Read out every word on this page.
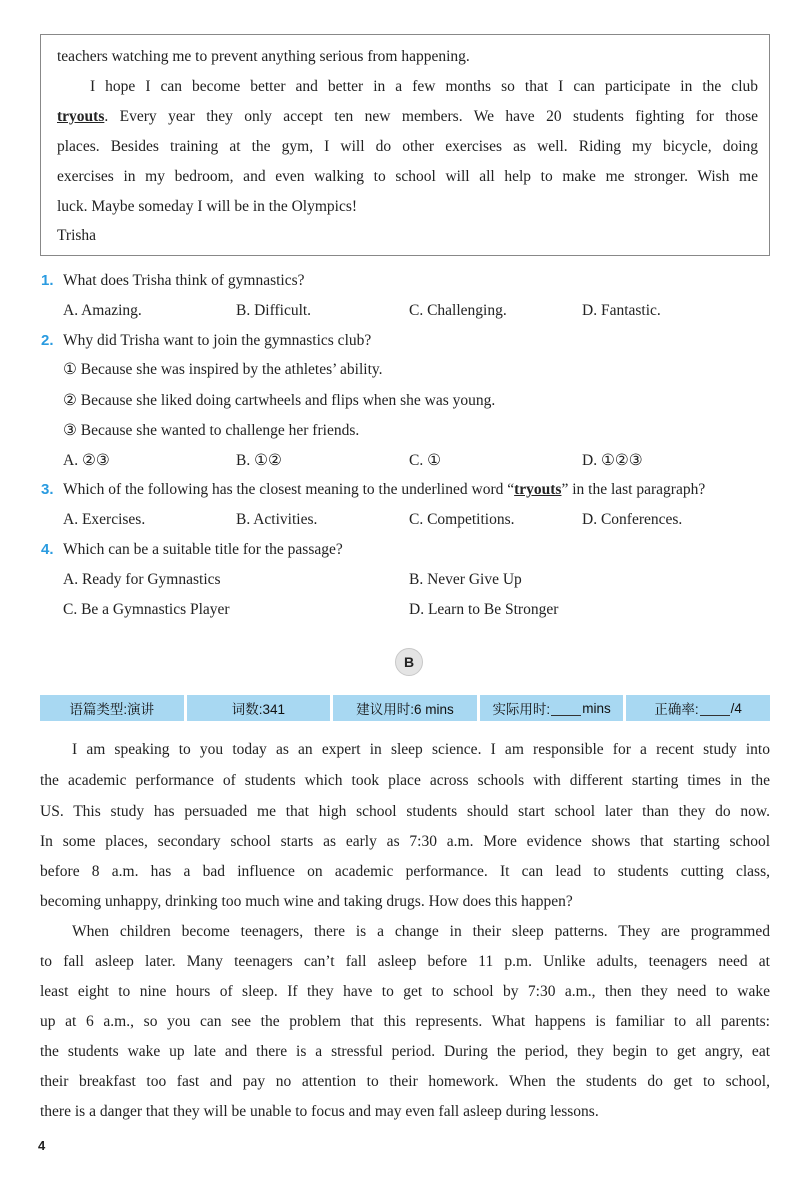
teachers watching me to prevent anything serious from happening.
I hope I can become better and better in a few months so that I can participate in the club
tryouts. Every year they only accept ten new members. We have 20 students fighting for those
places. Besides training at the gym, I will do other exercises as well. Riding my bicycle, doing
exercises in my bedroom, and even walking to school will all help to make me stronger. Wish me
luck. Maybe someday I will be in the Olympics!
Trisha
1. What does Trisha think of gymnastics?
A. Amazing.	B. Difficult.	C. Challenging.	D. Fantastic.
2. Why did Trisha want to join the gymnastics club?
① Because she was inspired by the athletes’ ability.
② Because she liked doing cartwheels and flips when she was young.
③ Because she wanted to challenge her friends.
A. ②③	B. ①②	C. ①	D. ①②③
3. Which of the following has the closest meaning to the underlined word “tryouts” in the last paragraph?
A. Exercises.	B. Activities.	C. Competitions.	D. Conferences.
4. Which can be a suitable title for the passage?
A. Ready for Gymnastics	B. Never Give Up
C. Be a Gymnastics Player	D. Learn to Be Stronger
B
语篇类型:演讲	词数:341	建议用时:6 mins	实际用时: mins	正确率: /4
I am speaking to you today as an expert in sleep science. I am responsible for a recent study into
the academic performance of students which took place across schools with different starting times in the
US. This study has persuaded me that high school students should start school later than they do now.
In some places, secondary school starts as early as 7:30 a.m. More evidence shows that starting school
before 8 a.m. has a bad influence on academic performance. It can lead to students cutting class,
becoming unhappy, drinking too much wine and taking drugs. How does this happen?
When children become teenagers, there is a change in their sleep patterns. They are programmed
to fall asleep later. Many teenagers can’t fall asleep before 11 p.m. Unlike adults, teenagers need at
least eight to nine hours of sleep. If they have to get to school by 7:30 a.m., then they need to wake
up at 6 a.m., so you can see the problem that this represents. What happens is familiar to all parents:
the students wake up late and there is a stressful period. During the period, they begin to get angry, eat
their breakfast too fast and pay no attention to their homework. When the students do get to school,
there is a danger that they will be unable to focus and may even fall asleep during lessons.
4
